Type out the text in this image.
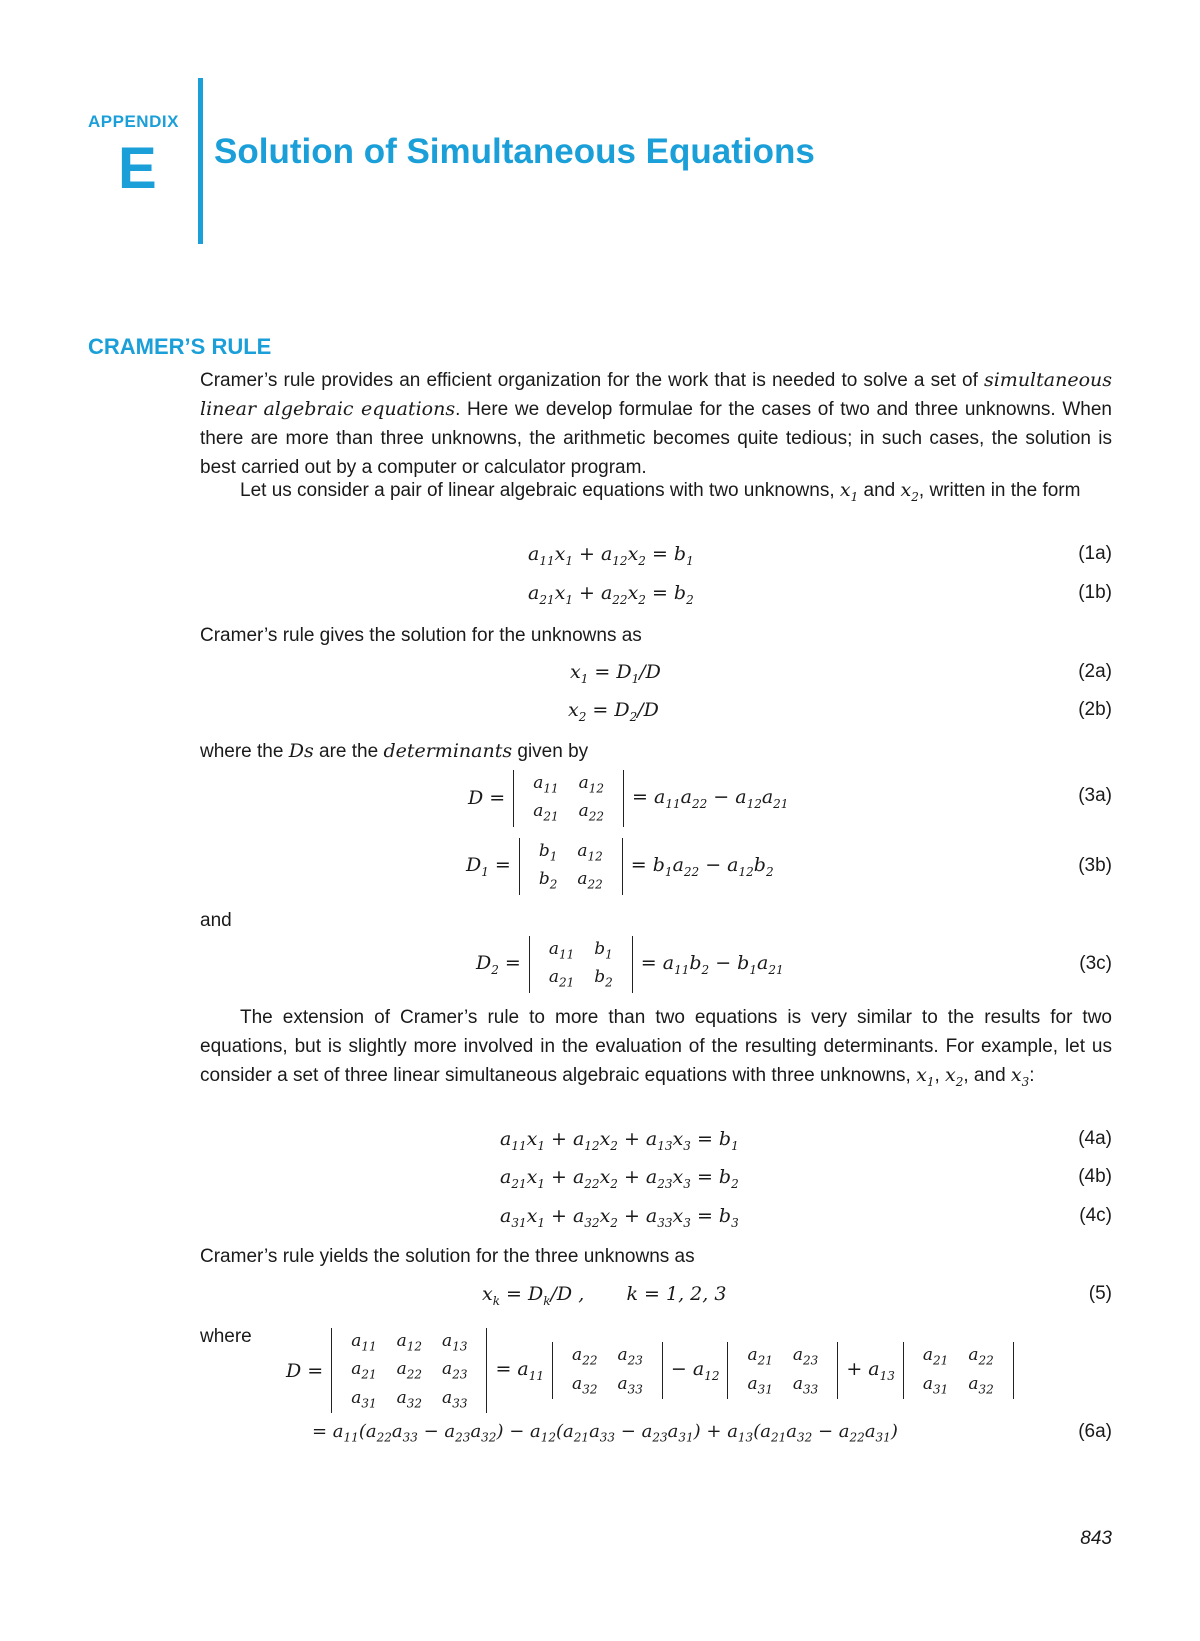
APPENDIX
E Solution of Simultaneous Equations
CRAMER’S RULE
Cramer’s rule provides an efficient organization for the work that is needed to solve a set of simultaneous linear algebraic equations. Here we develop formulae for the cases of two and three unknowns. When there are more than three unknowns, the arithmetic becomes quite tedious; in such cases, the solution is best carried out by a computer or calculator program.
Let us consider a pair of linear algebraic equations with two unknowns, $x_1$ and $x_2$, written in the form
$a_{11}x_1 + a_{12}x_2 = b_1$	(1a)
$a_{21}x_1 + a_{22}x_2 = b_2$	(1b)
Cramer’s rule gives the solution for the unknowns as
$x_1 = D_1/D$	(2a)
$x_2 = D_2/D$	(2b)
where the Ds are the determinants given by
D =
$a_{11}$	$a_{12}$
$a_{21}$	$a_{22}$
= $a_{11}a_{22} - a_{12}a_{21}$	(3a)
$D_1$ =
$b_1$	$a_{12}$
$b_2$	$a_{22}$
= $b_1a_{22} - a_{12}b_2$	(3b)
and
$D_2$ =
$a_{11}$	$b_1$
$a_{21}$	$b_2$
= $a_{11}b_2 - b_1a_{21}$	(3c)
The extension of Cramer’s rule to more than two equations is very similar to the results for two equations, but is slightly more involved in the evaluation of the resulting determinants. For example, let us consider a set of three linear simultaneous algebraic equations with three unknowns, $x_1$, $x_2$, and $x_3$:
$a_{11}x_1 + a_{12}x_2 + a_{13}x_3 = b_1$	(4a)
$a_{21}x_1 + a_{22}x_2 + a_{23}x_3 = b_2$	(4b)
$a_{31}x_1 + a_{32}x_2 + a_{33}x_3 = b_3$	(4c)
Cramer’s rule yields the solution for the three unknowns as
$x_k = D_k/D$ ,       k = 1, 2, 3	(5)
where
D =
$a_{11}$	$a_{12}$	$a_{13}$
$a_{21}$	$a_{22}$	$a_{23}$
$a_{31}$	$a_{32}$	$a_{33}$
= $a_{11}$
$a_{22}$	$a_{23}$
$a_{32}$	$a_{33}$
− $a_{12}$
$a_{21}$	$a_{23}$
$a_{31}$	$a_{33}$
+ $a_{13}$
$a_{21}$	$a_{22}$
$a_{31}$	$a_{32}$
= $a_{11}(a_{22}a_{33} - a_{23}a_{32}) - a_{12}(a_{21}a_{33} - a_{23}a_{31}) + a_{13}(a_{21}a_{32} - a_{22}a_{31})$	(6a)
843
